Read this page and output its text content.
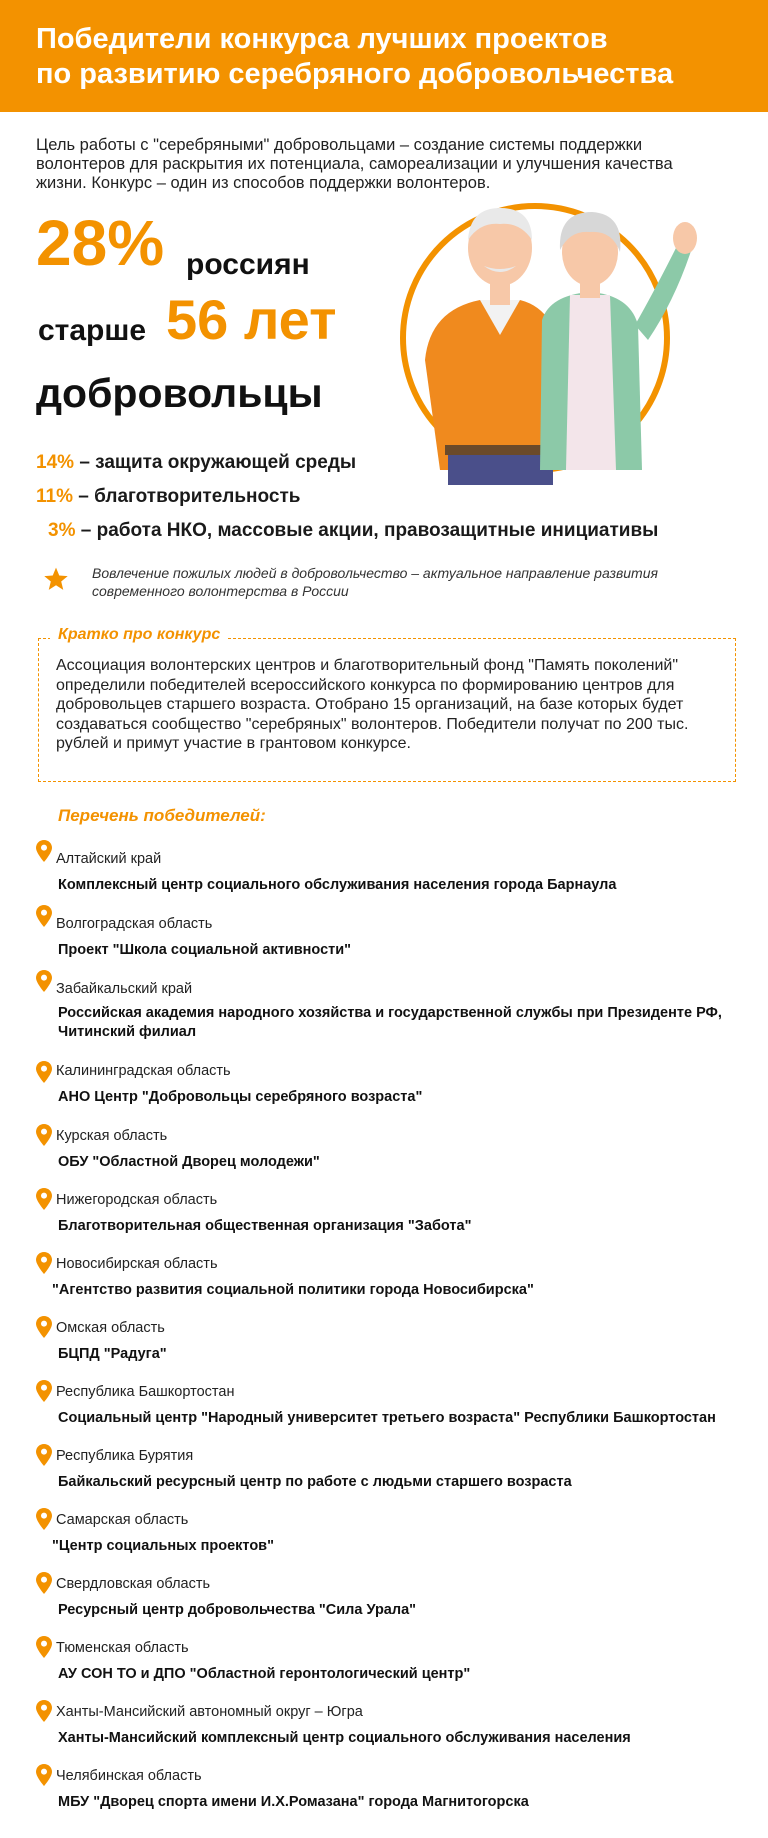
Победители конкурса лучших проектов
по развитию серебряного добровольчества
Цель работы с "серебряными" добровольцами – создание системы поддержки волонтеров для раскрытия их потенциала, самореализации и улучшения качества жизни. Конкурс – один из способов поддержки волонтеров.
28% россиян
старше 56 лет
добровольцы
14% – защита окружающей среды
11% – благотворительность
3% – работа НКО, массовые акции, правозащитные инициативы
Вовлечение пожилых людей в добровольчество – актуальное направление развития современного волонтерства в России
Кратко про конкурс
Ассоциация волонтерских центров и благотворительный фонд "Память поколений" определили победителей всероссийского конкурса по формированию центров для добровольцев старшего возраста. Отобрано 15 организаций, на базе которых будет создаваться сообщество "серебряных" волонтеров. Победители получат по 200 тыс. рублей и примут участие в грантовом конкурсе.
Перечень победителей:
Алтайский край
Комплексный центр социального обслуживания населения города Барнаула
Волгоградская область
Проект "Школа социальной активности"
Забайкальский край
Российская академия народного хозяйства и государственной службы при Президенте РФ,
Читинский филиал
Калининградская область
АНО Центр "Добровольцы серебряного возраста"
Курская область
ОБУ "Областной Дворец молодежи"
Нижегородская область
Благотворительная общественная организация "Забота"
Новосибирская область
"Агентство развития социальной политики города Новосибирска"
Омская область
БЦПД "Радуга"
Республика Башкортостан
Социальный центр "Народный университет третьего возраста" Республики Башкортостан
Республика Бурятия
Байкальский ресурсный центр по работе с людьми старшего возраста
Самарская область
"Центр социальных проектов"
Свердловская область
Ресурсный центр добровольчества "Сила Урала"
Тюменская область
АУ СОН ТО и ДПО "Областной геронтологический центр"
Ханты-Мансийский автономный округ – Югра
Ханты-Мансийский комплексный центр социального обслуживания населения
Челябинская область
МБУ "Дворец спорта имени И.Х.Ромазана" города Магнитогорска
